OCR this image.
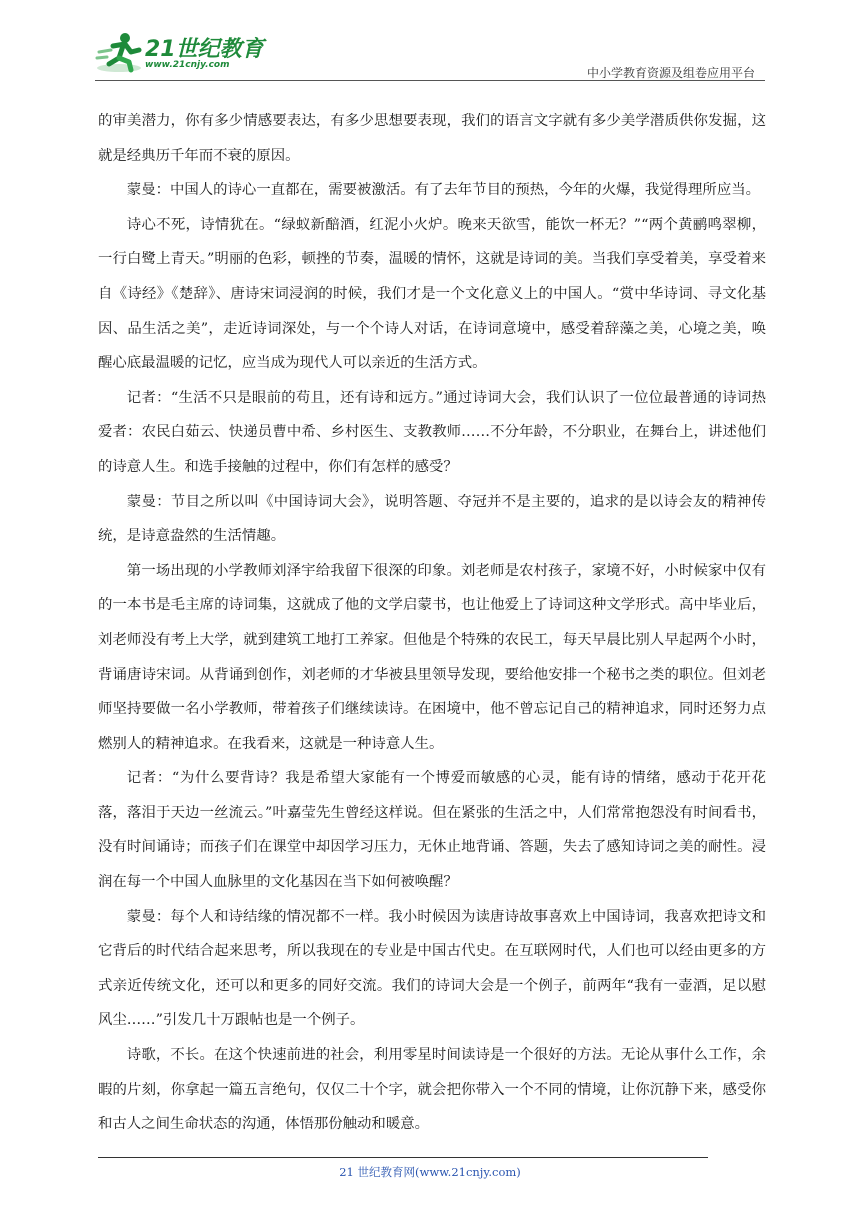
21世纪教育
www.21cnjy.com
中小学教育资源及组卷应用平台

的审美潜力，你有多少情感要表达，有多少思想要表现，我们的语言文字就有多少美学潜质供你发掘，这就是经典历千年而不衰的原因。

蒙曼：中国人的诗心一直都在，需要被激活。有了去年节目的预热，今年的火爆，我觉得理所应当。

诗心不死，诗情犹在。“绿蚁新醅酒，红泥小火炉。晚来天欲雪，能饮一杯无？”“两个黄鹂鸣翠柳，一行白鹭上青天。”明丽的色彩，顿挫的节奏，温暖的情怀，这就是诗词的美。当我们享受着美，享受着来自《诗经》《楚辞》、唐诗宋词浸润的时候，我们才是一个文化意义上的中国人。“赏中华诗词、寻文化基因、品生活之美”，走近诗词深处，与一个个诗人对话，在诗词意境中，感受着辞藻之美，心境之美，唤醒心底最温暖的记忆，应当成为现代人可以亲近的生活方式。

记者：“生活不只是眼前的苟且，还有诗和远方。”通过诗词大会，我们认识了一位位最普通的诗词热爱者：农民白茹云、快递员曹中希、乡村医生、支教教师……不分年龄，不分职业，在舞台上，讲述他们的诗意人生。和选手接触的过程中，你们有怎样的感受？

蒙曼：节目之所以叫《中国诗词大会》，说明答题、夺冠并不是主要的，追求的是以诗会友的精神传统，是诗意盎然的生活情趣。

第一场出现的小学教师刘泽宇给我留下很深的印象。刘老师是农村孩子，家境不好，小时候家中仅有的一本书是毛主席的诗词集，这就成了他的文学启蒙书，也让他爱上了诗词这种文学形式。高中毕业后，刘老师没有考上大学，就到建筑工地打工养家。但他是个特殊的农民工，每天早晨比别人早起两个小时，背诵唐诗宋词。从背诵到创作，刘老师的才华被县里领导发现，要给他安排一个秘书之类的职位。但刘老师坚持要做一名小学教师，带着孩子们继续读诗。在困境中，他不曾忘记自己的精神追求，同时还努力点燃别人的精神追求。在我看来，这就是一种诗意人生。

记者：“为什么要背诗？我是希望大家能有一个博爱而敏感的心灵，能有诗的情绪，感动于花开花落，落泪于天边一丝流云。”叶嘉莹先生曾经这样说。但在紧张的生活之中，人们常常抱怨没有时间看书，没有时间诵诗；而孩子们在课堂中却因学习压力，无休止地背诵、答题，失去了感知诗词之美的耐性。浸润在每一个中国人血脉里的文化基因在当下如何被唤醒？

蒙曼：每个人和诗结缘的情况都不一样。我小时候因为读唐诗故事喜欢上中国诗词，我喜欢把诗文和它背后的时代结合起来思考，所以我现在的专业是中国古代史。在互联网时代，人们也可以经由更多的方式亲近传统文化，还可以和更多的同好交流。我们的诗词大会是一个例子，前两年“我有一壶酒，足以慰风尘……”引发几十万跟帖也是一个例子。

诗歌，不长。在这个快速前进的社会，利用零星时间读诗是一个很好的方法。无论从事什么工作，余暇的片刻，你拿起一篇五言绝句，仅仅二十个字，就会把你带入一个不同的情境，让你沉静下来，感受你和古人之间生命状态的沟通，体悟那份触动和暖意。

21 世纪教育网(www.21cnjy.com)
